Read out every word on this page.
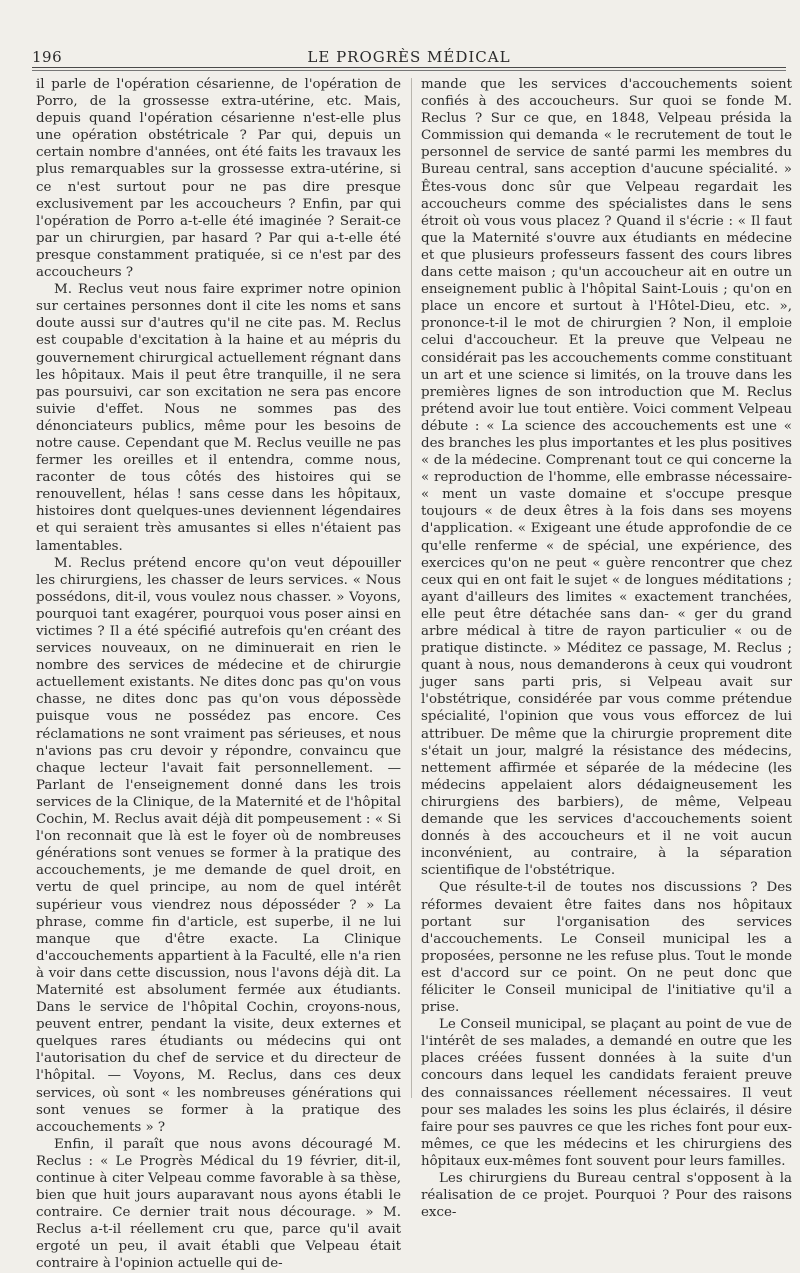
196	LE PROGRÈS MÉDICAL

il parle de l'opération césarienne, de l'opération de Porro, de la grossesse extra-utérine, etc. Mais, depuis quand l'opération césarienne n'est-elle plus une opération obstétricale ? Par qui, depuis un certain nombre d'années, ont été faits les travaux les plus remarquables sur la grossesse extra-utérine, si ce n'est surtout pour ne pas dire presque exclusivement par les accoucheurs ? Enfin, par qui l'opération de Porro a-t-elle été imaginée ? Serait-ce par un chirurgien, par hasard ? Par qui a-t-elle été presque constamment pratiquée, si ce n'est par des accoucheurs ?

M. Reclus veut nous faire exprimer notre opinion sur certaines personnes dont il cite les noms et sans doute aussi sur d'autres qu'il ne cite pas. M. Reclus est coupable d'excitation à la haine et au mépris du gouvernement chirurgical actuellement régnant dans les hôpitaux. Mais il peut être tranquille, il ne sera pas poursuivi, car son excitation ne sera pas encore suivie d'effet. Nous ne sommes pas des dénonciateurs publics, même pour les besoins de notre cause. Cependant que M. Reclus veuille ne pas fermer les oreilles et il entendra, comme nous, raconter de tous côtés des histoires qui se renouvellent, hélas ! sans cesse dans les hôpitaux, histoires dont quelques-unes deviennent légendaires et qui seraient très amusantes si elles n'étaient pas lamentables.

M. Reclus prétend encore qu'on veut dépouiller les chirurgiens, les chasser de leurs services. « Nous possédons, dit-il, vous voulez nous chasser. » Voyons, pourquoi tant exagérer, pourquoi vous poser ainsi en victimes ? Il a été spécifié autrefois qu'en créant des services nouveaux, on ne diminuerait en rien le nombre des services de médecine et de chirurgie actuellement existants. Ne dites donc pas qu'on vous chasse, ne dites donc pas qu'on vous dépossède puisque vous ne possédez pas encore. Ces réclamations ne sont vraiment pas sérieuses, et nous n'avions pas cru devoir y répondre, convaincu que chaque lecteur l'avait fait personnellement. — Parlant de l'enseignement donné dans les trois services de la Clinique, de la Maternité et de l'hôpital Cochin, M. Reclus avait déjà dit pompeusement : « Si l'on reconnait que là est le foyer où de nombreuses générations sont venues se former à la pratique des accouchements, je me demande de quel droit, en vertu de quel principe, au nom de quel intérêt supérieur vous viendrez nous déposséder ? » La phrase, comme fin d'article, est superbe, il ne lui manque que d'être exacte. La Clinique d'accouchements appartient à la Faculté, elle n'a rien à voir dans cette discussion, nous l'avons déjà dit. La Maternité est absolument fermée aux étudiants. Dans le service de l'hôpital Cochin, croyons-nous, peuvent entrer, pendant la visite, deux externes et quelques rares étudiants ou médecins qui ont l'autorisation du chef de service et du directeur de l'hôpital. — Voyons, M. Reclus, dans ces deux services, où sont « les nombreuses générations qui sont venues se former à la pratique des accouchements » ?

Enfin, il paraît que nous avons découragé M. Reclus : « Le Progrès Médical du 19 février, dit-il, continue à citer Velpeau comme favorable à sa thèse, bien que huit jours auparavant nous ayons établi le contraire. Ce dernier trait nous décourage. » M. Reclus a-t-il réellement cru que, parce qu'il avait ergoté un peu, il avait établi que Velpeau était contraire à l'opinion actuelle qui de-

mande que les services d'accouchements soient confiés à des accoucheurs. Sur quoi se fonde M. Reclus ? Sur ce que, en 1848, Velpeau présida la Commission qui demanda « le recrutement de tout le personnel de service de santé parmi les membres du Bureau central, sans acception d'aucune spécialité. » Êtes-vous donc sûr que Velpeau regardait les accoucheurs comme des spécialistes dans le sens étroit où vous vous placez ? Quand il s'écrie : « Il faut que la Maternité s'ouvre aux étudiants en médecine et que plusieurs professeurs fassent des cours libres dans cette maison ; qu'un accoucheur ait en outre un enseignement public à l'hôpital Saint-Louis ; qu'on en place un encore et surtout à l'Hôtel-Dieu, etc. », prononce-t-il le mot de chirurgien ? Non, il emploie celui d'accoucheur. Et la preuve que Velpeau ne considérait pas les accouchements comme constituant un art et une science si limités, on la trouve dans les premières lignes de son introduction que M. Reclus prétend avoir lue tout entière. Voici comment Velpeau débute : « La science des accouchements est une « des branches les plus importantes et les plus positives « de la médecine. Comprenant tout ce qui concerne la « reproduction de l'homme, elle embrasse nécessaire- « ment un vaste domaine et s'occupe presque toujours « de deux êtres à la fois dans ses moyens d'application. « Exigeant une étude approfondie de ce qu'elle renferme « de spécial, une expérience, des exercices qu'on ne peut « guère rencontrer que chez ceux qui en ont fait le sujet « de longues méditations ; ayant d'ailleurs des limites « exactement tranchées, elle peut être détachée sans dan- « ger du grand arbre médical à titre de rayon particulier « ou de pratique distincte. » Méditez ce passage, M. Reclus ; quant à nous, nous demanderons à ceux qui voudront juger sans parti pris, si Velpeau avait sur l'obstétrique, considérée par vous comme prétendue spécialité, l'opinion que vous vous efforcez de lui attribuer. De même que la chirurgie proprement dite s'était un jour, malgré la résistance des médecins, nettement affirmée et séparée de la médecine (les médecins appelaient alors dédaigneusement les chirurgiens des barbiers), de même, Velpeau demande que les services d'accouchements soient donnés à des accoucheurs et il ne voit aucun inconvénient, au contraire, à la séparation scientifique de l'obstétrique.

Que résulte-t-il de toutes nos discussions ? Des réformes devaient être faites dans nos hôpitaux portant sur l'organisation des services d'accouchements. Le Conseil municipal les a proposées, personne ne les refuse plus. Tout le monde est d'accord sur ce point. On ne peut donc que féliciter le Conseil municipal de l'initiative qu'il a prise.

Le Conseil municipal, se plaçant au point de vue de l'intérêt de ses malades, a demandé en outre que les places créées fussent données à la suite d'un concours dans lequel les candidats feraient preuve des connaissances réellement nécessaires. Il veut pour ses malades les soins les plus éclairés, il désire faire pour ses pauvres ce que les riches font pour eux-mêmes, ce que les médecins et les chirurgiens des hôpitaux eux-mêmes font souvent pour leurs familles.

Les chirurgiens du Bureau central s'opposent à la réalisation de ce projet. Pourquoi ? Pour des raisons exce-
